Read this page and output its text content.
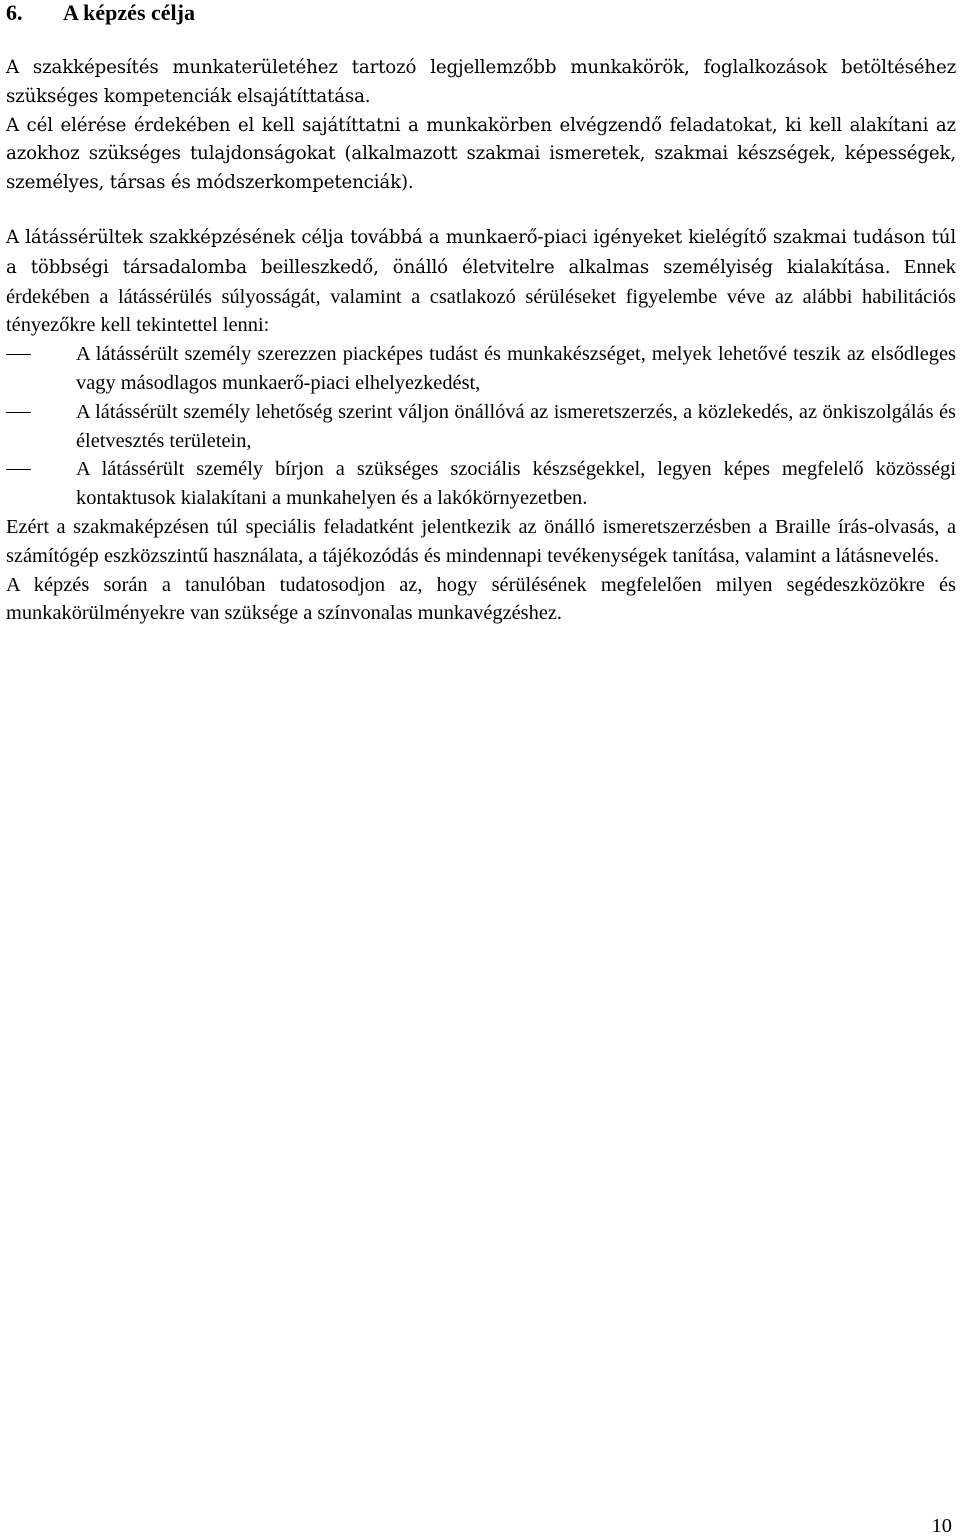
6.	A képzés célja

A szakképesítés munkaterületéhez tartozó legjellemzőbb munkakörök, foglalkozások betöltéséhez szükséges kompetenciák elsajátíttatása.

A cél elérése érdekében el kell sajátíttatni a munkakörben elvégzendő feladatokat, ki kell alakítani az azokhoz szükséges tulajdonságokat (alkalmazott szakmai ismeretek, szakmai készségek, képességek, személyes, társas és módszerkompetenciák).

A látássérültek szakképzésének célja továbbá a munkaerő-piaci igényeket kielégítő szakmai tudáson túl a többségi társadalomba beilleszkedő, önálló életvitelre alkalmas személyiség kialakítása. Ennek érdekében a látássérülés súlyosságát, valamint a csatlakozó sérüléseket figyelembe véve az alábbi habilitációs tényezőkre kell tekintettel lenni:

A látássérült személy szerezzen piacképes tudást és munkakészséget, melyek lehetővé teszik az elsődleges vagy másodlagos munkaerő-piaci elhelyezkedést,
A látássérült személy lehetőség szerint váljon önállóvá az ismeretszerzés, a közlekedés, az önkiszolgálás és életvesztés területein,
A látássérült személy bírjon a szükséges szociális készségekkel, legyen képes megfelelő közösségi kontaktusok kialakítani a munkahelyen és a lakókörnyezetben.

Ezért a szakmaképzésen túl speciális feladatként jelentkezik az önálló ismeretszerzésben a Braille írás-olvasás, a számítógép eszközszintű használata, a tájékozódás és mindennapi tevékenységek tanítása, valamint a látásnevelés.

A képzés során a tanulóban tudatosodjon az, hogy sérülésének megfelelően milyen segédeszközökre és munkakörülményekre van szüksége a színvonalas munkavégzéshez.

10
